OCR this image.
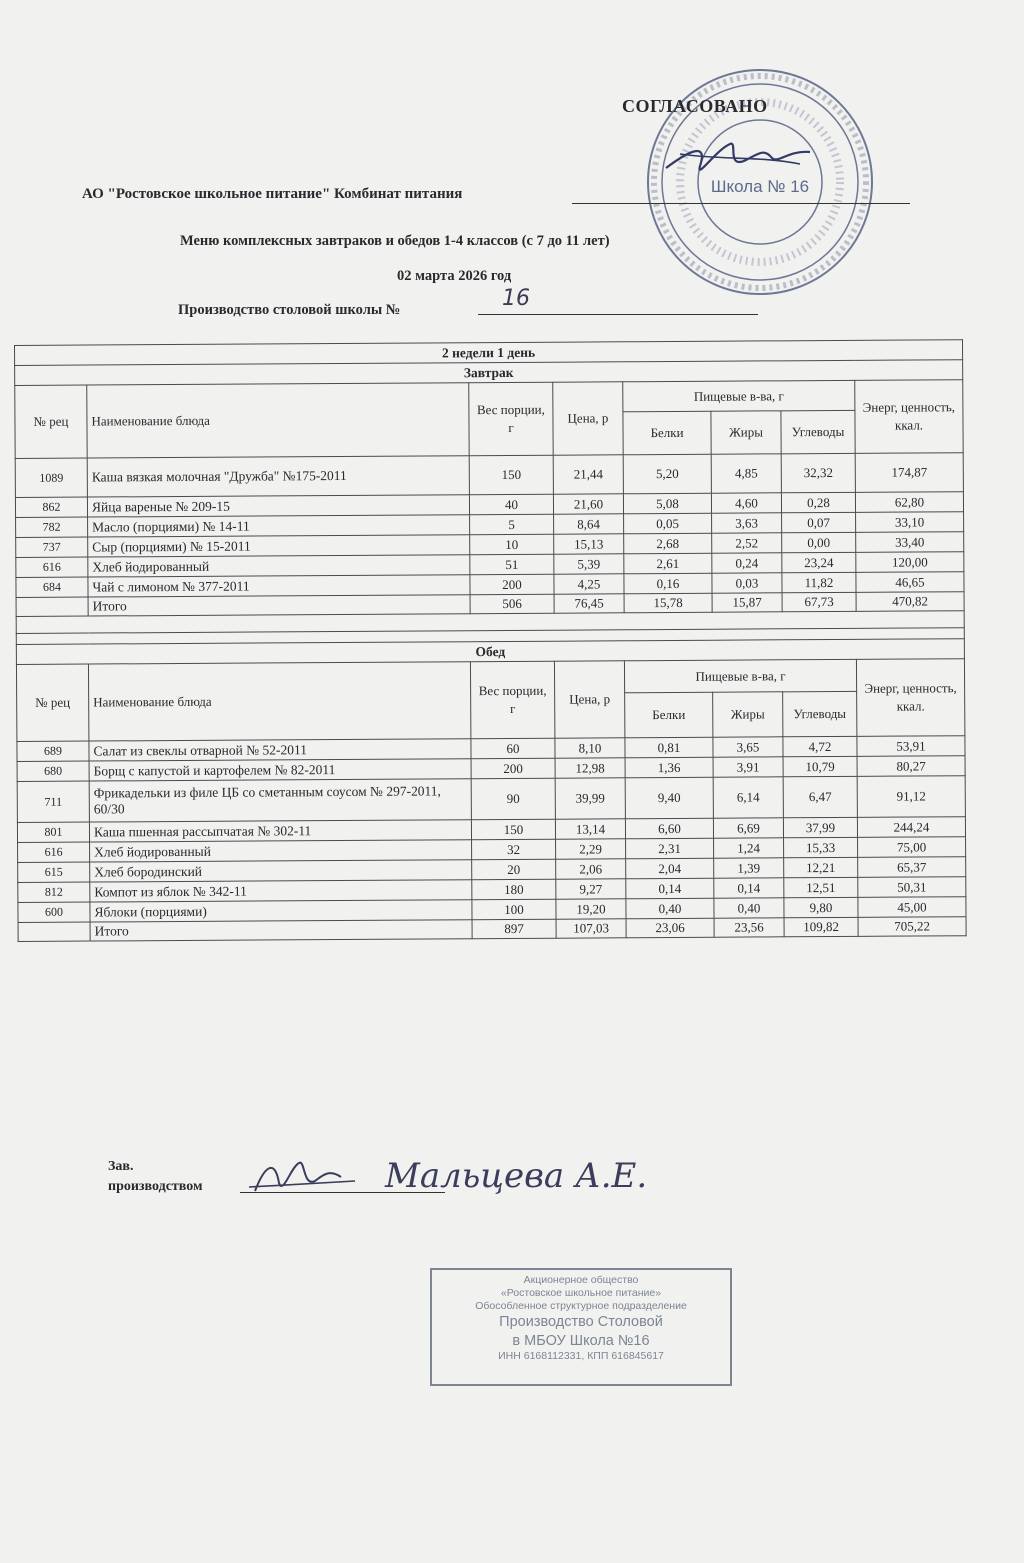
Школа № 16
СОГЛАСОВАНО
АО "Ростовское школьное питание" Комбинат питания
Меню комплексных завтраков и обедов 1-4 классов (с 7 до 11 лет)
02 марта 2026 год
Производство столовой школы №	16
2 недели 1 день							
Завтрак							
№ рец	Наименование блюда	Вес порции, г	Цена, р	Пищевые в-ва, г			Энерг, ценность, ккал.
				Белки	Жиры	Углеводы	
1089	Каша вязкая молочная "Дружба" №175-2011	150	21,44	5,20	4,85	32,32	174,87
862	Яйца вареные № 209-15	40	21,60	5,08	4,60	0,28	62,80
782	Масло (порциями) № 14-11	5	8,64	0,05	3,63	0,07	33,10
737	Сыр (порциями) № 15-2011	10	15,13	2,68	2,52	0,00	33,40
616	Хлеб йодированный	51	5,39	2,61	0,24	23,24	120,00
684	Чай с лимоном № 377-2011	200	4,25	0,16	0,03	11,82	46,65
	Итого	506	76,45	15,78	15,87	67,73	470,82

Обед							
№ рец	Наименование блюда	Вес порции, г	Цена, р	Пищевые в-ва, г			Энерг, ценность, ккал.
				Белки	Жиры	Углеводы	
689	Салат из свеклы отварной № 52-2011	60	8,10	0,81	3,65	4,72	53,91
680	Борщ с капустой и картофелем № 82-2011	200	12,98	1,36	3,91	10,79	80,27
711	Фрикадельки из филе ЦБ со сметанным соусом № 297-2011, 60/30	90	39,99	9,40	6,14	6,47	91,12
801	Каша пшенная рассыпчатая № 302-11	150	13,14	6,60	6,69	37,99	244,24
616	Хлеб йодированный	32	2,29	2,31	1,24	15,33	75,00
615	Хлеб бородинский	20	2,06	2,04	1,39	12,21	65,37
812	Компот из яблок № 342-11	180	9,27	0,14	0,14	12,51	50,31
600	Яблоки (порциями)	100	19,20	0,40	0,40	9,80	45,00
	Итого	897	107,03	23,06	23,56	109,82	705,22
Зав.
производством	Мальцева А.Е.
Акционерное общество
«Ростовское школьное питание»
Обособленное структурное подразделение
Производство Столовой
в МБОУ Школа №16
ИНН 6168112331, КПП 616845617
